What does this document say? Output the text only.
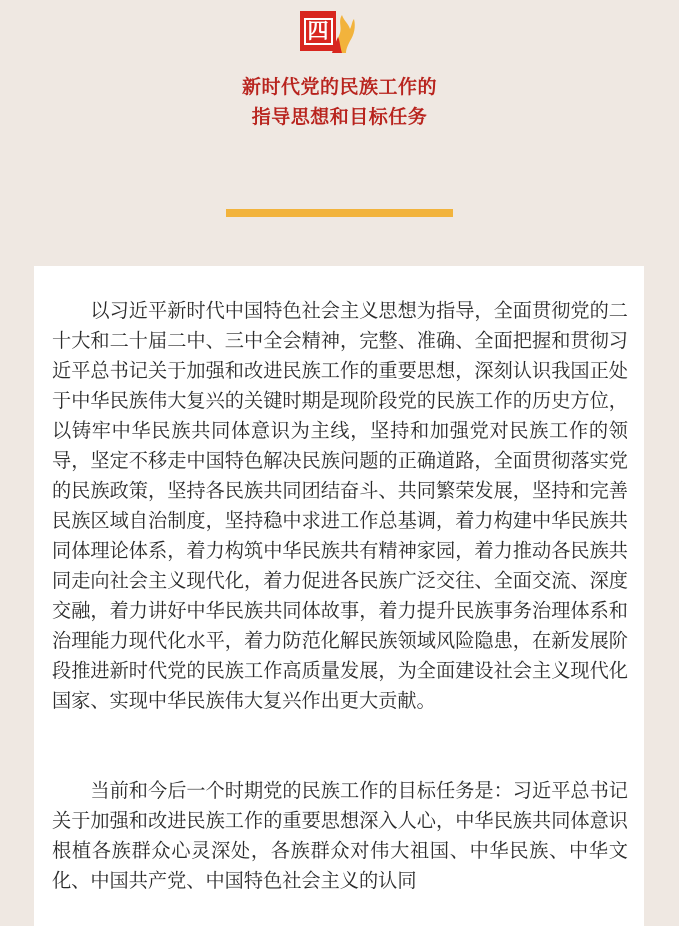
四
新时代党的民族工作的
指导思想和目标任务

以习近平新时代中国特色社会主义思想为指导，全面贯彻党的二十大和二十届二中、三中全会精神，完整、准确、全面把握和贯彻习近平总书记关于加强和改进民族工作的重要思想，深刻认识我国正处于中华民族伟大复兴的关键时期是现阶段党的民族工作的历史方位，以铸牢中华民族共同体意识为主线，坚持和加强党对民族工作的领导，坚定不移走中国特色解决民族问题的正确道路，全面贯彻落实党的民族政策，坚持各民族共同团结奋斗、共同繁荣发展，坚持和完善民族区域自治制度，坚持稳中求进工作总基调，着力构建中华民族共同体理论体系，着力构筑中华民族共有精神家园，着力推动各民族共同走向社会主义现代化，着力促进各民族广泛交往、全面交流、深度交融，着力讲好中华民族共同体故事，着力提升民族事务治理体系和治理能力现代化水平，着力防范化解民族领域风险隐患，在新发展阶段推进新时代党的民族工作高质量发展，为全面建设社会主义现代化国家、实现中华民族伟大复兴作出更大贡献。

当前和今后一个时期党的民族工作的目标任务是：习近平总书记关于加强和改进民族工作的重要思想深入人心，中华民族共同体意识根植各族群众心灵深处，各族群众对伟大祖国、中华民族、中华文化、中国共产党、中国特色社会主义的认同
